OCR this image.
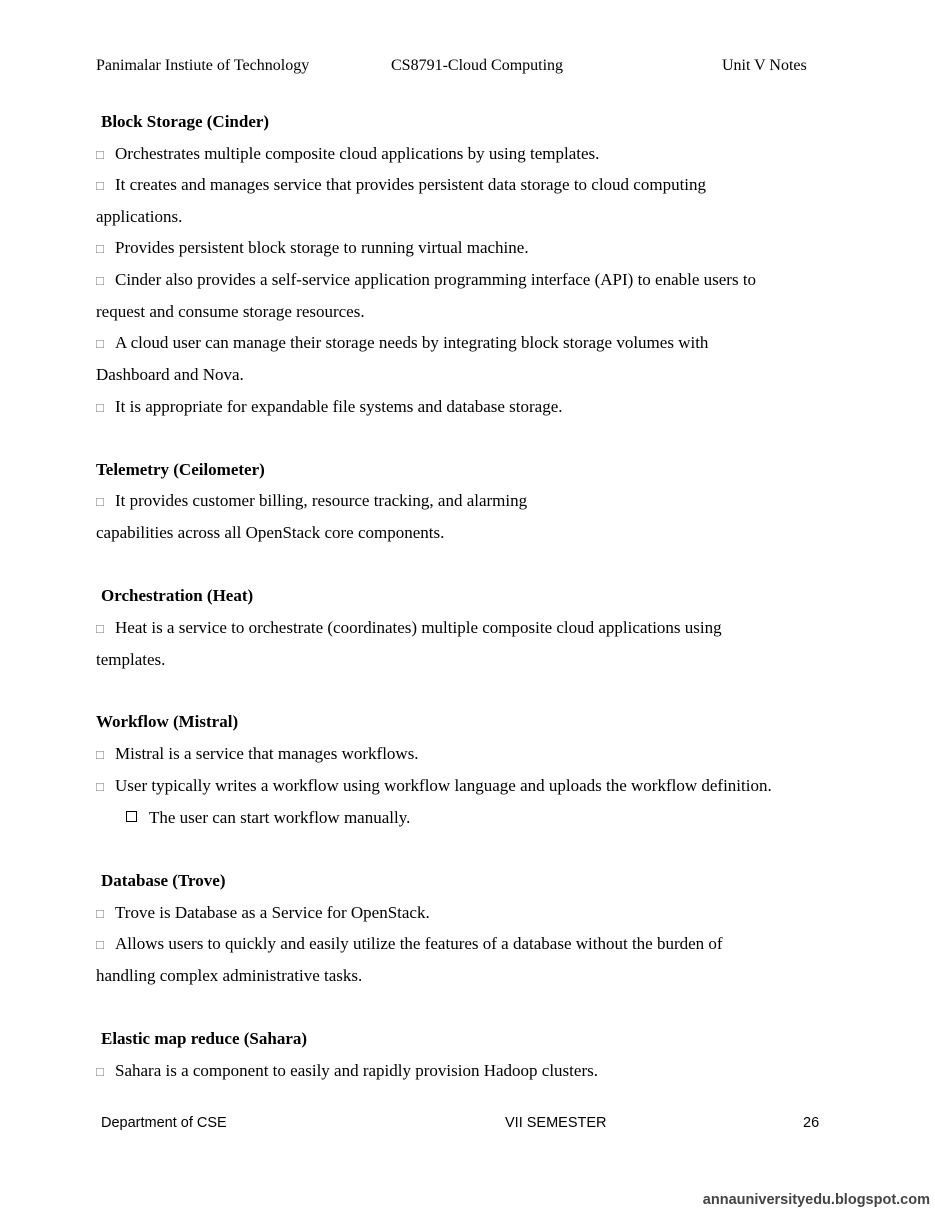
Panimalar Instiute of Technology	CS8791-Cloud Computing	Unit V Notes
Block Storage (Cinder)
□ Orchestrates multiple composite cloud applications by using templates.
□ It creates and manages service that provides persistent data storage to cloud computing
applications.
□ Provides persistent block storage to running virtual machine.
□ Cinder also provides a self-service application programming interface (API) to enable users to
request and consume storage resources.
□ A cloud user can manage their storage needs by integrating block storage volumes with
Dashboard and Nova.
□ It is appropriate for expandable file systems and database storage.
Telemetry (Ceilometer)
□ It provides customer billing, resource tracking, and alarming
capabilities across all OpenStack core components.
Orchestration (Heat)
□ Heat is a service to orchestrate (coordinates) multiple composite cloud applications using
templates.
Workflow (Mistral)
□ Mistral is a service that manages workflows.
□ User typically writes a workflow using workflow language and uploads the workflow definition.
The user can start workflow manually.
Database (Trove)
□ Trove is Database as a Service for OpenStack.
□ Allows users to quickly and easily utilize the features of a database without the burden of
handling complex administrative tasks.
Elastic map reduce (Sahara)
□ Sahara is a component to easily and rapidly provision Hadoop clusters.
Department of CSE	VII SEMESTER	26
annauniversityedu.blogspot.com
